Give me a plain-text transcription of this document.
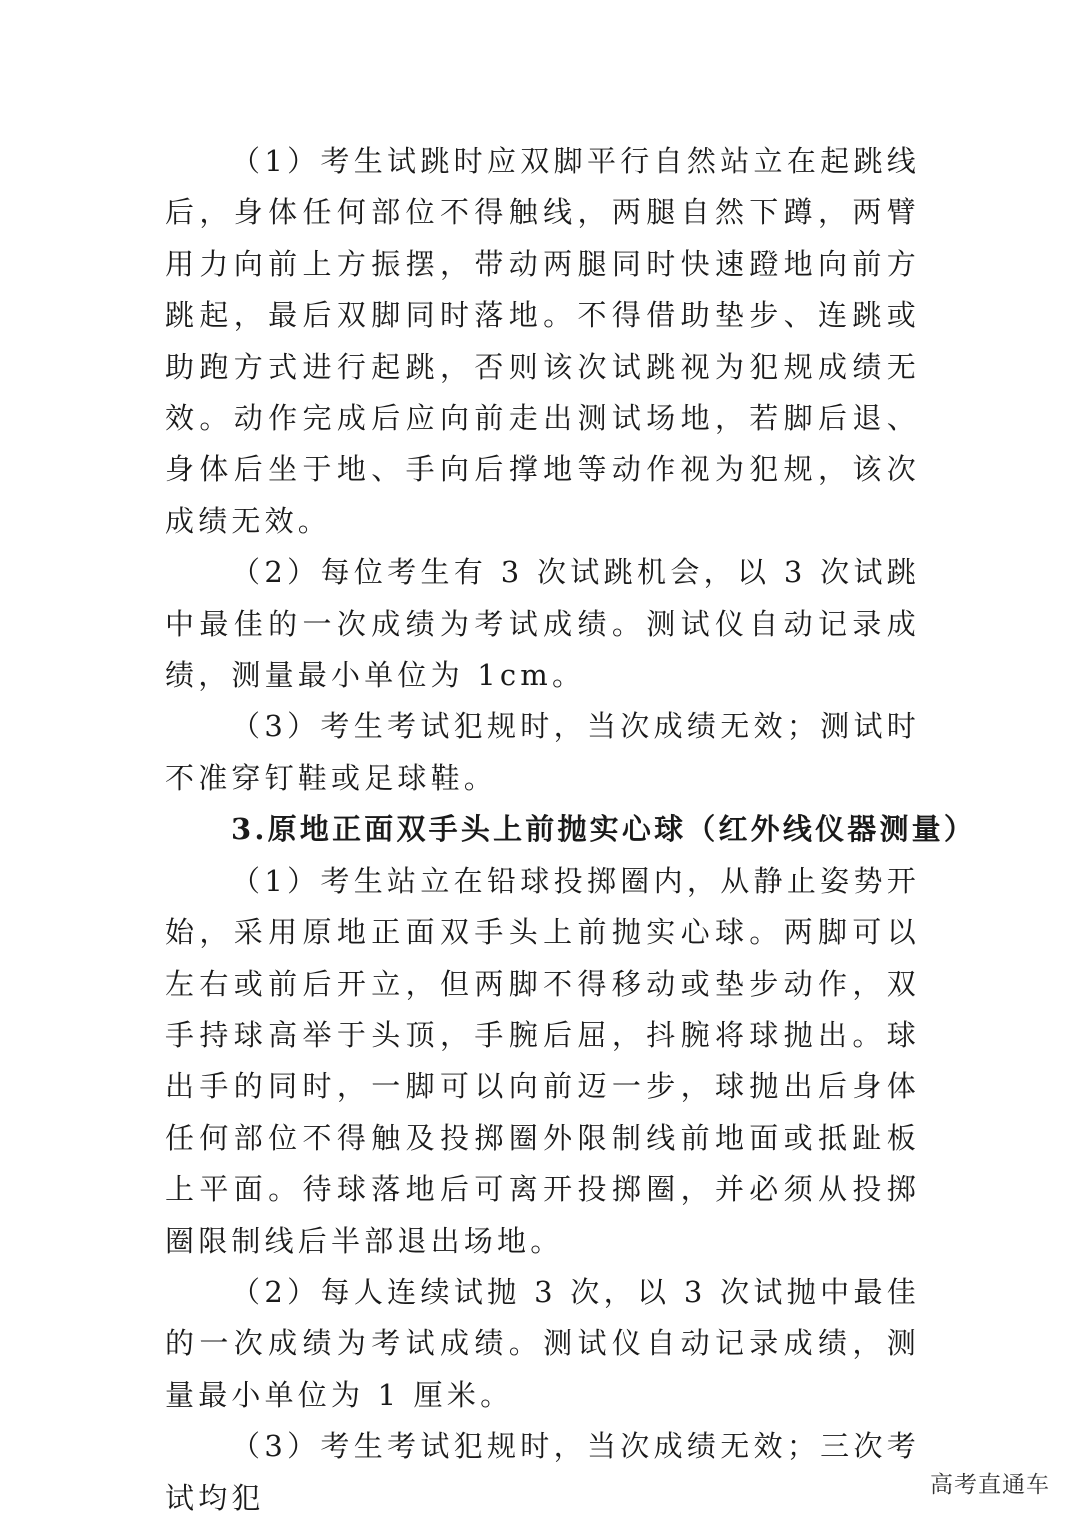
（1）考生试跳时应双脚平行自然站立在起跳线后，身体任何部位不得触线，两腿自然下蹲，两臂用力向前上方振摆，带动两腿同时快速蹬地向前方跳起，最后双脚同时落地。不得借助垫步、连跳或助跑方式进行起跳，否则该次试跳视为犯规成绩无效。动作完成后应向前走出测试场地，若脚后退、身体后坐于地、手向后撑地等动作视为犯规，该次成绩无效。

（2）每位考生有 3 次试跳机会，以 3 次试跳中最佳的一次成绩为考试成绩。测试仪自动记录成绩，测量最小单位为 1cm。

（3）考生考试犯规时，当次成绩无效；测试时不准穿钉鞋或足球鞋。

3.原地正面双手头上前抛实心球（红外线仪器测量）

（1）考生站立在铅球投掷圈内，从静止姿势开始，采用原地正面双手头上前抛实心球。两脚可以左右或前后开立，但两脚不得移动或垫步动作，双手持球高举于头顶，手腕后屈，抖腕将球抛出。球出手的同时，一脚可以向前迈一步，球抛出后身体任何部位不得触及投掷圈外限制线前地面或抵趾板上平面。待球落地后可离开投掷圈，并必须从投掷圈限制线后半部退出场地。

（2）每人连续试抛 3 次，以 3 次试抛中最佳的一次成绩为考试成绩。测试仪自动记录成绩，测量最小单位为 1 厘米。

（3）考生考试犯规时，当次成绩无效；三次考试均犯	高考直通车
